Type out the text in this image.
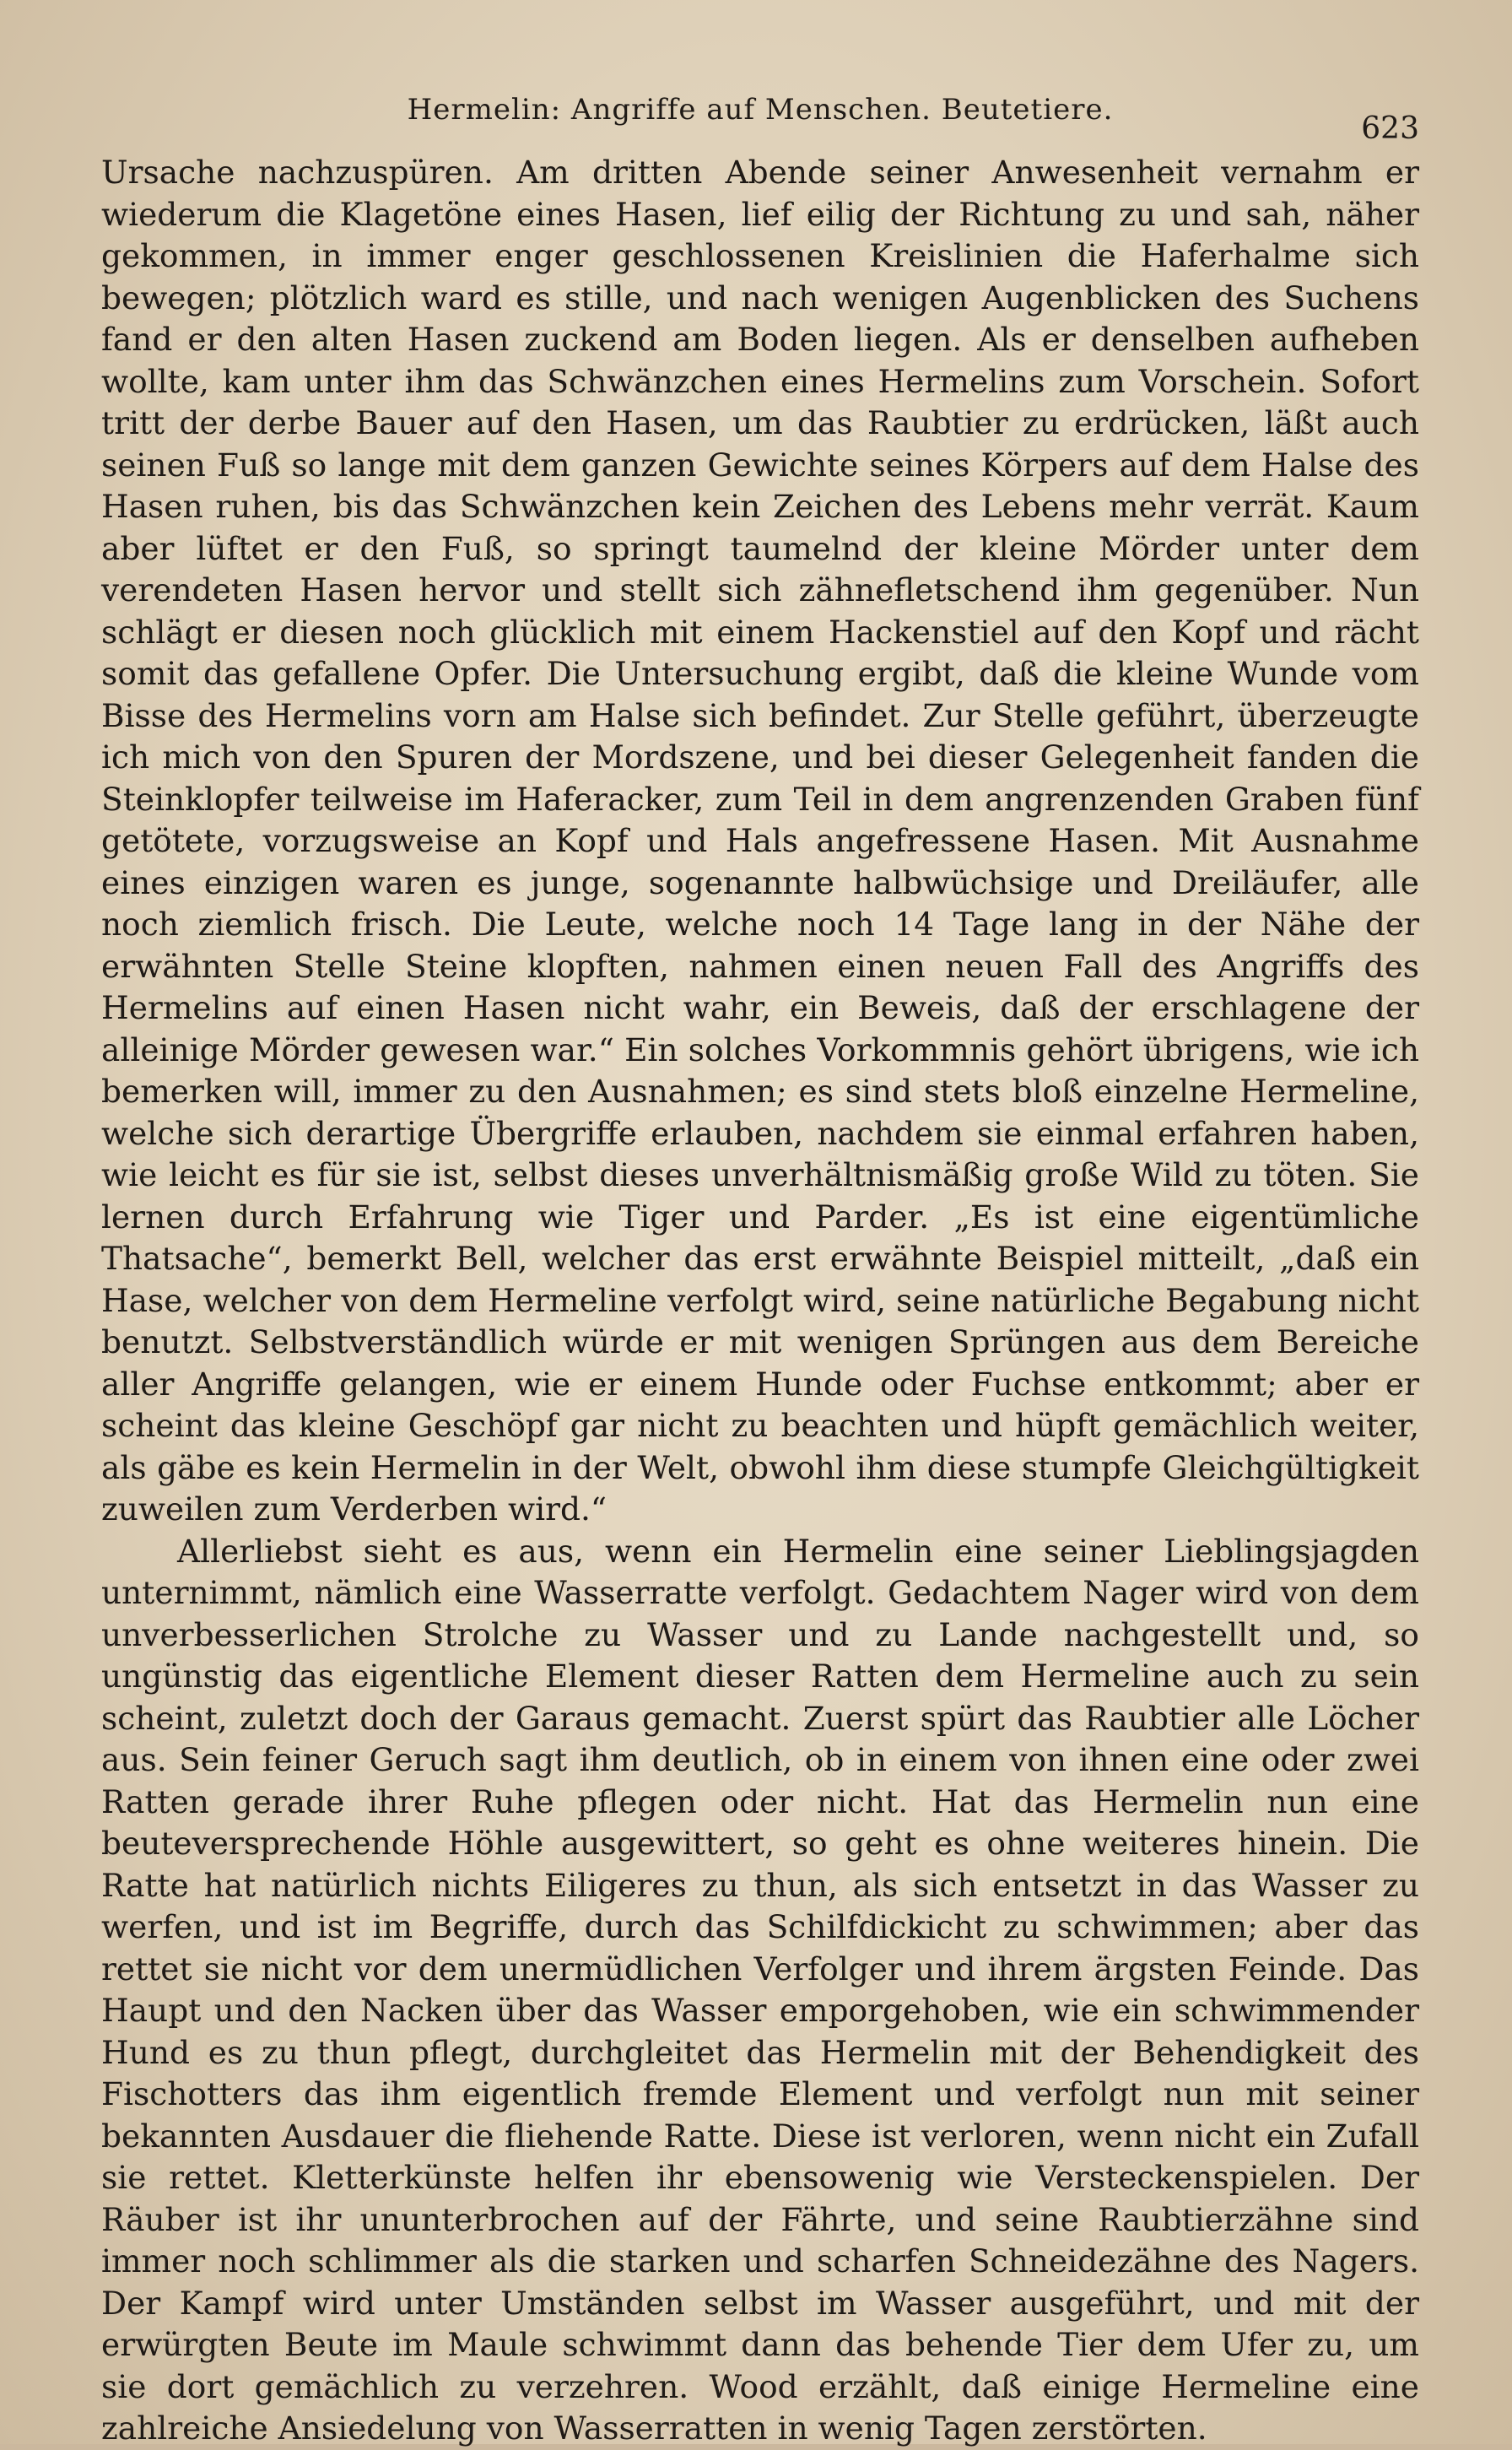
Hermelin: Angriffe auf Menschen. Beutetiere.
623

Ursache nachzuspüren. Am dritten Abende seiner Anwesenheit vernahm er wiederum die Klagetöne eines Hasen, lief eilig der Richtung zu und sah, näher gekommen, in immer enger geschlossenen Kreislinien die Haferhalme sich bewegen; plötzlich ward es stille, und nach wenigen Augenblicken des Suchens fand er den alten Hasen zuckend am Boden liegen. Als er denselben aufheben wollte, kam unter ihm das Schwänzchen eines Hermelins zum Vorschein. Sofort tritt der derbe Bauer auf den Hasen, um das Raubtier zu erdrücken, läßt auch seinen Fuß so lange mit dem ganzen Gewichte seines Körpers auf dem Halse des Hasen ruhen, bis das Schwänzchen kein Zeichen des Lebens mehr verrät. Kaum aber lüftet er den Fuß, so springt taumelnd der kleine Mörder unter dem verendeten Hasen hervor und stellt sich zähnefletschend ihm gegenüber. Nun schlägt er diesen noch glücklich mit einem Hackenstiel auf den Kopf und rächt somit das gefallene Opfer. Die Untersuchung ergibt, daß die kleine Wunde vom Bisse des Hermelins vorn am Halse sich befindet. Zur Stelle geführt, überzeugte ich mich von den Spuren der Mordszene, und bei dieser Gelegenheit fanden die Steinklopfer teilweise im Haferacker, zum Teil in dem angrenzenden Graben fünf getötete, vorzugsweise an Kopf und Hals angefressene Hasen. Mit Ausnahme eines einzigen waren es junge, sogenannte halbwüchsige und Dreiläufer, alle noch ziemlich frisch. Die Leute, welche noch 14 Tage lang in der Nähe der erwähnten Stelle Steine klopften, nahmen einen neuen Fall des Angriffs des Hermelins auf einen Hasen nicht wahr, ein Beweis, daß der erschlagene der alleinige Mörder gewesen war.“ Ein solches Vorkommnis gehört übrigens, wie ich bemerken will, immer zu den Ausnahmen; es sind stets bloß einzelne Hermeline, welche sich derartige Übergriffe erlauben, nachdem sie einmal erfahren haben, wie leicht es für sie ist, selbst dieses unverhältnismäßig große Wild zu töten. Sie lernen durch Erfahrung wie Tiger und Parder. „Es ist eine eigentümliche Thatsache“, bemerkt Bell, welcher das erst erwähnte Beispiel mitteilt, „daß ein Hase, welcher von dem Hermeline verfolgt wird, seine natürliche Begabung nicht benutzt. Selbstverständlich würde er mit wenigen Sprüngen aus dem Bereiche aller Angriffe gelangen, wie er einem Hunde oder Fuchse entkommt; aber er scheint das kleine Geschöpf gar nicht zu beachten und hüpft gemächlich weiter, als gäbe es kein Hermelin in der Welt, obwohl ihm diese stumpfe Gleichgültigkeit zuweilen zum Verderben wird.“

Allerliebst sieht es aus, wenn ein Hermelin eine seiner Lieblingsjagden unternimmt, nämlich eine Wasserratte verfolgt. Gedachtem Nager wird von dem unverbesserlichen Strolche zu Wasser und zu Lande nachgestellt und, so ungünstig das eigentliche Element dieser Ratten dem Hermeline auch zu sein scheint, zuletzt doch der Garaus gemacht. Zuerst spürt das Raubtier alle Löcher aus. Sein feiner Geruch sagt ihm deutlich, ob in einem von ihnen eine oder zwei Ratten gerade ihrer Ruhe pflegen oder nicht. Hat das Hermelin nun eine beuteversprechende Höhle ausgewittert, so geht es ohne weiteres hinein. Die Ratte hat natürlich nichts Eiligeres zu thun, als sich entsetzt in das Wasser zu werfen, und ist im Begriffe, durch das Schilfdickicht zu schwimmen; aber das rettet sie nicht vor dem unermüdlichen Verfolger und ihrem ärgsten Feinde. Das Haupt und den Nacken über das Wasser emporgehoben, wie ein schwimmender Hund es zu thun pflegt, durchgleitet das Hermelin mit der Behendigkeit des Fischotters das ihm eigentlich fremde Element und verfolgt nun mit seiner bekannten Ausdauer die fliehende Ratte. Diese ist verloren, wenn nicht ein Zufall sie rettet. Kletterkünste helfen ihr ebensowenig wie Versteckenspielen. Der Räuber ist ihr ununterbrochen auf der Fährte, und seine Raubtierzähne sind immer noch schlimmer als die starken und scharfen Schneidezähne des Nagers. Der Kampf wird unter Umständen selbst im Wasser ausgeführt, und mit der erwürgten Beute im Maule schwimmt dann das behende Tier dem Ufer zu, um sie dort gemächlich zu verzehren. Wood erzählt, daß einige Hermeline eine zahlreiche Ansiedelung von Wasserratten in wenig Tagen zerstörten.
